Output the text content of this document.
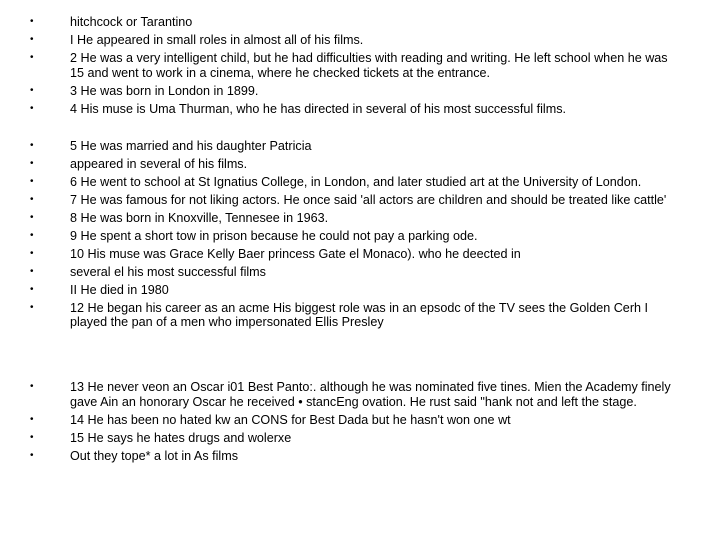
•	hitchcock or Tarantino
•	I He appeared in small roles in almost all of his films.
•	2 He was a very intelligent child, but he had difficulties with reading and writing. He left school when he was 15 and went to work in a cinema, where he checked tickets at the entrance.
•	3 He was born in London in 1899.
•	4 His muse is Uma Thurman, who he has directed in several of his most successful films.
•	5 He was married and his daughter Patricia
•	appeared in several of his films.
•	6 He went to school at St Ignatius College, in London, and later studied art at the University of London.
•	7 He was famous for not liking actors. He once said 'all actors are children and should be treated like cattle'
•	8 He was born in Knoxville, Tennesee in 1963.
•	9 He spent a short tow in prison because he could not pay a parking ode.
•	10 His muse was Grace Kelly Baer princess Gate el Monaco). who he deected in
•	several el his most successful films
•	II He died in 1980
•	12 He began his career as an acme His biggest role was in an epsodc of the TV sees the Golden Cerh I played the pan of a men who impersonated Ellis Presley
•	13 He never veon an Oscar i01 Best Panto:. although he was nominated five tines. Mien the Academy finely gave Ain an honorary Oscar he received • stancEng ovation. He rust said "hank not and left the stage.
•	14 He has been no hated kw an CONS for Best Dada but he hasn't won one wt
•	15 He says he hates drugs and wolerxe
•	Out they tope* a lot in As films
